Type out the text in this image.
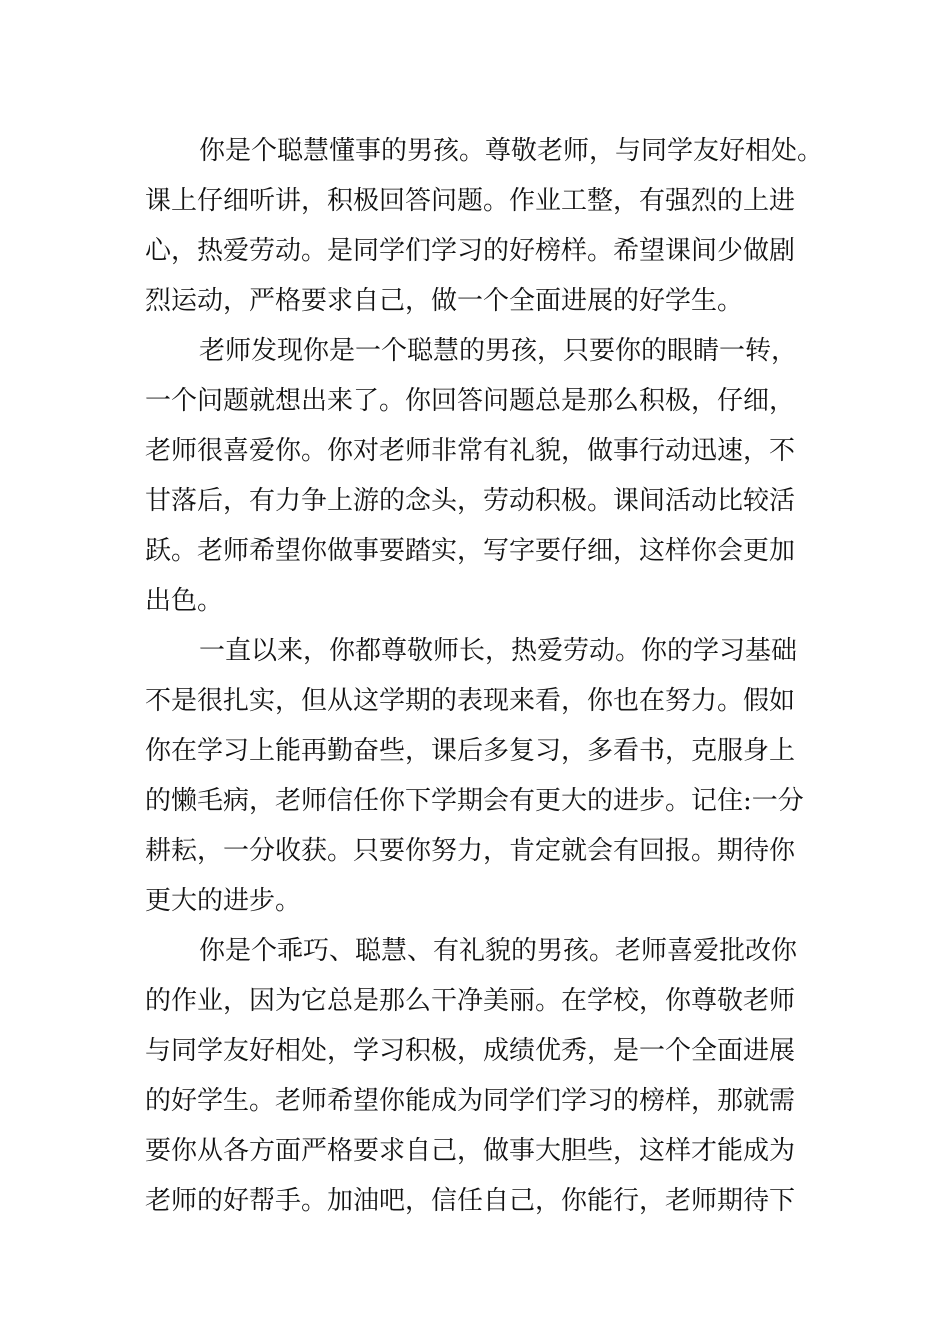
你是个聪慧懂事的男孩。尊敬老师，与同学友好相处。
课上仔细听讲，积极回答问题。作业工整，有强烈的上进
心，热爱劳动。是同学们学习的好榜样。希望课间少做剧
烈运动，严格要求自己，做一个全面进展的好学生。

老师发现你是一个聪慧的男孩，只要你的眼睛一转，
一个问题就想出来了。你回答问题总是那么积极，仔细，
老师很喜爱你。你对老师非常有礼貌，做事行动迅速，不
甘落后，有力争上游的念头，劳动积极。课间活动比较活
跃。老师希望你做事要踏实，写字要仔细，这样你会更加
出色。

一直以来，你都尊敬师长，热爱劳动。你的学习基础
不是很扎实，但从这学期的表现来看，你也在努力。假如
你在学习上能再勤奋些，课后多复习，多看书，克服身上
的懒毛病，老师信任你下学期会有更大的进步。记住:一分
耕耘，一分收获。只要你努力，肯定就会有回报。期待你
更大的进步。

你是个乖巧、聪慧、有礼貌的男孩。老师喜爱批改你
的作业，因为它总是那么干净美丽。在学校，你尊敬老师
与同学友好相处，学习积极，成绩优秀，是一个全面进展
的好学生。老师希望你能成为同学们学习的榜样，那就需
要你从各方面严格要求自己，做事大胆些，这样才能成为
老师的好帮手。加油吧，信任自己，你能行，老师期待下
